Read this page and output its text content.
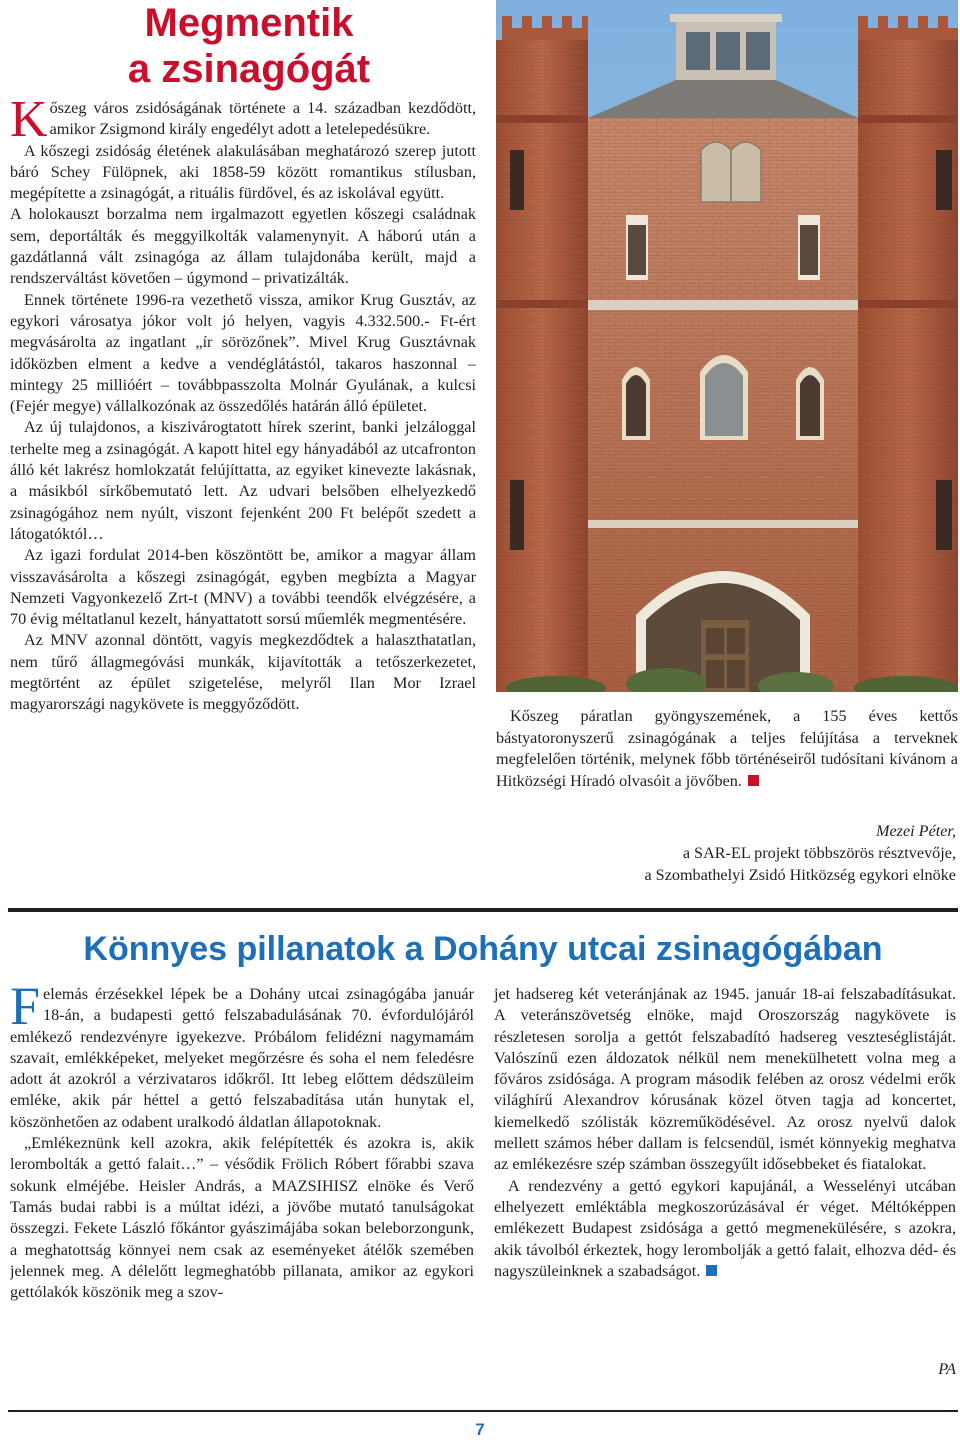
Megmentik
a zsinagógát

Kőszeg város zsidóságának története a 14. században kezdődött, amikor Zsigmond király engedélyt adott a letelepedésükre.

A kőszegi zsidóság életének alakulásában meghatározó szerep jutott báró Schey Fülöpnek, aki 1858-59 között romantikus stílusban, megépítette a zsinagógát, a rituális fürdővel, és az iskolával együtt.

A holokauszt borzalma nem irgalmazott egyetlen kőszegi családnak sem, deportálták és meggyilkolták valamenynyit. A háború után a gazdátlanná vált zsinagóga az állam tulajdonába került, majd a rendszerváltást követően – úgymond – privatizálták.

Ennek története 1996-ra vezethető vissza, amikor Krug Gusztáv, az egykori városatya jókor volt jó helyen, vagyis 4.332.500.- Ft-ért megvásárolta az ingatlant „ír sörözőnek”. Mivel Krug Gusztávnak időközben elment a kedve a vendéglátástól, takaros haszonnal – mintegy 25 millióért – továbbpasszolta Molnár Gyulának, a kulcsi (Fejér megye) vállalkozónak az összedőlés határán álló épületet.

Az új tulajdonos, a kiszivárogtatott hírek szerint, banki jelzáloggal terhelte meg a zsinagógát. A kapott hitel egy hányadából az utcafronton álló két lakrész homlokzatát felújíttatta, az egyiket kinevezte lakásnak, a másikból sírkőbemutató lett. Az udvari belsőben elhelyezkedő zsinagógához nem nyúlt, viszont fejenként 200 Ft belépőt szedett a látogatóktól…

Az igazi fordulat 2014-ben köszöntött be, amikor a magyar állam visszavásárolta a kőszegi zsinagógát, egyben megbízta a Magyar Nemzeti Vagyonkezelő Zrt-t (MNV) a további teendők elvégzésére, a 70 évig méltatlanul kezelt, hányattatott sorsú műemlék megmentésére.

Az MNV azonnal döntött, vagyis megkezdődtek a halaszthatatlan, nem tűrő állagmegóvási munkák, kijavították a tetőszerkezetet, megtörtént az épület szigetelése, melyről Ilan Mor Izrael magyarországi nagykövete is meggyőződött.

Kőszeg páratlan gyöngyszemének, a 155 éves kettős bástyatoronyszerű zsinagógának a teljes felújítása a terveknek megfelelően történik, melynek főbb történéseiről tudósítani kívánom a Hitközségi Híradó olvasóit a jövőben.

Mezei Péter,

a SAR-EL projekt többszörös résztvevője,

a Szombathelyi Zsidó Hitközség egykori elnöke

Könnyes pillanatok a Dohány utcai zsinagógában

Felemás érzésekkel lépek be a Dohány utcai zsinagógába január 18-án, a budapesti gettó felszabadulásának 70. évfordulójáról emlékező rendezvényre igyekezve. Próbálom felidézni nagymamám szavait, emlékképeket, melyeket megőrzésre és soha el nem feledésre adott át azokról a vérzivataros időkről. Itt lebeg előttem dédszüleim emléke, akik pár héttel a gettó felszabadítása után hunytak el, köszönhetően az odabent uralkodó áldatlan állapotoknak.

„Emlékeznünk kell azokra, akik felépítették és azokra is, akik lerombolták a gettó falait…” – vésődik Frölich Róbert főrabbi szava sokunk elméjébe. Heisler András, a MAZSIHISZ elnöke és Verő Tamás budai rabbi is a múltat idézi, a jövőbe mutató tanulságokat összegzi. Fekete László főkántor gyászimájába sokan beleborzongunk, a meghatottság könnyei nem csak az eseményeket átélők szemében jelennek meg. A délelőtt legmeghatóbb pillanata, amikor az egykori gettólakók köszönik meg a szov-

jet hadsereg két veteránjának az 1945. január 18-ai felszabadításukat. A veteránszövetség elnöke, majd Oroszország nagykövete is részletesen sorolja a gettót felszabadító hadsereg veszteséglistáját. Valószínű ezen áldozatok nélkül nem menekülhetett volna meg a főváros zsidósága. A program második felében az orosz védelmi erők világhírű Alexandrov kórusának közel ötven tagja ad koncertet, kiemelkedő szólisták közreműködésével. Az orosz nyelvű dalok mellett számos héber dallam is felcsendül, ismét könnyekig meghatva az emlékezésre szép számban összegyűlt idősebbeket és fiatalokat.

A rendezvény a gettó egykori kapujánál, a Wesselényi utcában elhelyezett emléktábla megkoszorúzásával ér véget. Méltóképpen emlékezett Budapest zsidósága a gettó megmenekülésére, s azokra, akik távolból érkeztek, hogy lerombolják a gettó falait, elhozva déd- és nagyszüleinknek a szabadságot.

PA
7
